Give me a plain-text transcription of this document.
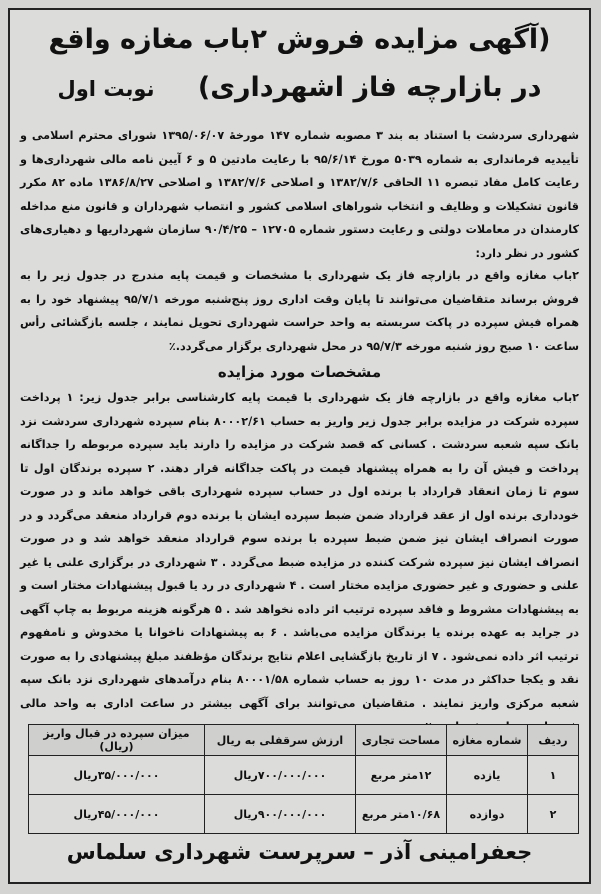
(آگهی مزایده فروش ۲باب مغازه واقع
در بازارچه فاز اشهرداری) نوبت اول
شهرداری سردشت با استناد به بند ۳ مصوبه شماره ۱۴۷ مورخهٔ ۱۳۹۵/۰۶/۰۷ شورای محترم اسلامی و تأییدیه فرمانداری به شماره ۵۰۳۹ مورخ ۹۵/۶/۱۴ با رعایت مادتین ۵ و ۶ آیین نامه مالی شهرداری‌ها و رعایت کامل مفاد تبصره ۱۱ الحاقی ۱۳۸۲/۷/۶ و اصلاحی ۱۳۸۲/۷/۶ و اصلاحی ۱۳۸۶/۸/۲۷ ماده ۸۲ مکرر قانون تشکیلات و وظایف و انتخاب شوراهای اسلامی کشور و انتصاب شهرداران و قانون منع مداخله کارمندان در معاملات دولتی و رعایت دستور شماره ۱۲۷۰۵ – ۹۰/۴/۲۵ سازمان شهرداریها و دهیاری‌های کشور در نظر دارد:
۲باب مغازه واقع در بازارچه فاز یک شهرداری با مشخصات و قیمت پایه مندرج در جدول زیر را به فروش برساند متقاضیان می‌توانند تا پایان وقت اداری روز پنج‌شنبه مورخه ۹۵/۷/۱ پیشنهاد خود را به همراه فیش سپرده در پاکت سربسته به واحد حراست شهرداری تحویل نمایند ، جلسه بازگشائی رأس ساعت ۱۰ صبح روز شنبه مورخه ۹۵/۷/۳ در محل شهرداری برگزار می‌گردد.٪
مشخصات مورد مزایده
۲باب مغازه واقع در بازارچه فاز یک شهرداری با قیمت پایه کارشناسی برابر جدول زیر: ۱ پرداخت سپرده شرکت در مزایده برابر جدول زیر واریز به حساب ۸۰۰۰۲/۶۱ بنام سپرده شهرداری سردشت نزد بانک سپه شعبه سردشت . کسانی که قصد شرکت در مزایده را دارند باید سپرده مربوطه را جداگانه پرداخت و فیش آن را به همراه پیشنهاد قیمت در پاکت جداگانه قرار دهند. ۲ سپرده برندگان اول تا سوم تا زمان انعقاد قرارداد با برنده اول در حساب سپرده شهرداری باقی خواهد ماند و در صورت خودداری برنده اول از عقد قرارداد ضمن ضبط سپرده ایشان با برنده دوم قرارداد منعقد می‌گردد و در صورت انصراف ایشان نیز ضمن ضبط سپرده با برنده سوم قرارداد منعقد خواهد شد و در صورت انصراف ایشان نیز سپرده شرکت کننده در مزایده ضبط می‌گردد . ۳ شهرداری در برگزاری علنی یا غیر علنی و حضوری و غیر حضوری مزایده مختار است . ۴ شهرداری در رد یا قبول پیشنهادات مختار است و به پیشنهادات مشروط و فاقد سپرده ترتیب اثر داده نخواهد شد . ۵ هرگونه هزینه مربوط به چاپ آگهی در جراید به عهده برنده یا برندگان مزایده می‌باشد . ۶ به پیشنهادات ناخوانا یا مخدوش و نامفهوم ترتیب اثر داده نمی‌شود . ۷ از تاریخ بازگشایی اعلام نتایج برندگان مؤظفند مبلغ پیشنهادی را به صورت نقد و یکجا حداکثر در مدت ۱۰ روز به حساب شماره ۸۰۰۰۱/۵۸ بنام درآمدهای شهرداری نزد بانک سپه شعبه مرکزی واریز نمایند . متقاضیان می‌توانند برای آگهی بیشتر در ساعت اداری به واحد مالی
ردیف	شماره مغازه	مساحت تجاری	ارزش سرقفلی به ریال	میزان سپرده در قبال واریز (ریال)
۱	یازده	۱۲متر مربع	۷۰۰/۰۰۰/۰۰۰ریال	۳۵/۰۰۰/۰۰۰ریال
۲	دوازده	۱۰/۶۸متر مربع	۹۰۰/۰۰۰/۰۰۰ریال	۴۵/۰۰۰/۰۰۰ریال
جعفرامینی آذر – سرپرست شهرداری سلماس
